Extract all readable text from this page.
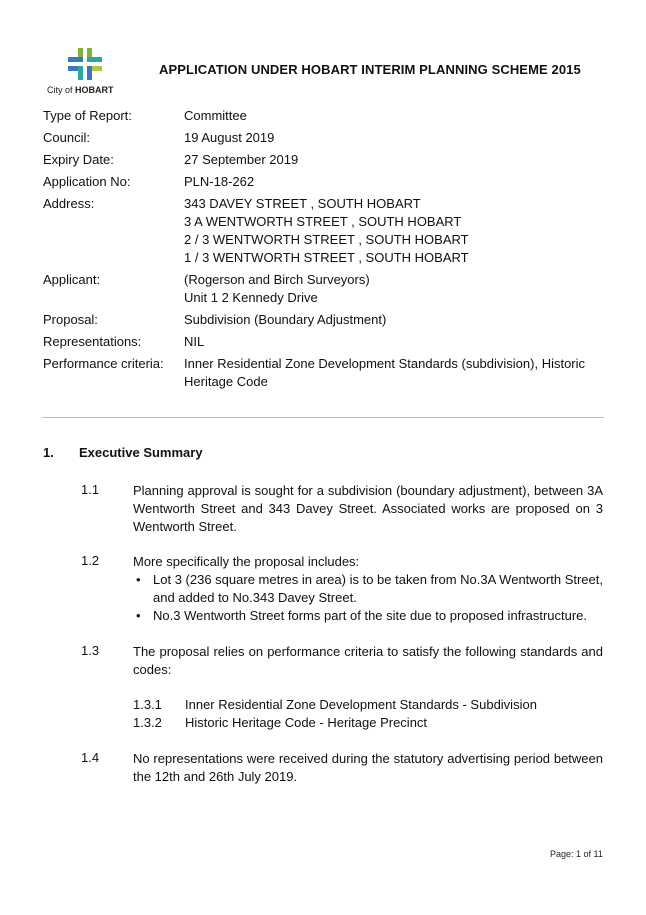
City of HOBART
APPLICATION UNDER HOBART INTERIM PLANNING SCHEME 2015
Type of Report:	Committee
Council:	19 August 2019
Expiry Date:	27 September 2019
Application No:	PLN-18-262
Address:	343 DAVEY STREET , SOUTH HOBART
3 A WENTWORTH STREET , SOUTH HOBART
2 / 3 WENTWORTH STREET , SOUTH HOBART
1 / 3 WENTWORTH STREET , SOUTH HOBART
Applicant:	(Rogerson and Birch Surveyors)
Unit 1 2 Kennedy Drive
Proposal:	Subdivision (Boundary Adjustment)
Representations:	NIL
Performance criteria:	Inner Residential Zone Development Standards (subdivision), Historic Heritage Code
1. Executive Summary
1.1	Planning approval is sought for a subdivision (boundary adjustment), between 3A Wentworth Street and 343 Davey Street. Associated works are proposed on 3 Wentworth Street.
1.2	More specifically the proposal includes:
• Lot 3 (236 square metres in area) is to be taken from No.3A Wentworth Street, and added to No.343 Davey Street.
• No.3 Wentworth Street forms part of the site due to proposed infrastructure.
1.3	The proposal relies on performance criteria to satisfy the following standards and codes:
1.3.1 Inner Residential Zone Development Standards - Subdivision
1.3.2 Historic Heritage Code - Heritage Precinct
1.4	No representations were received during the statutory advertising period between the 12th and 26th July 2019.
Page: 1 of 11
